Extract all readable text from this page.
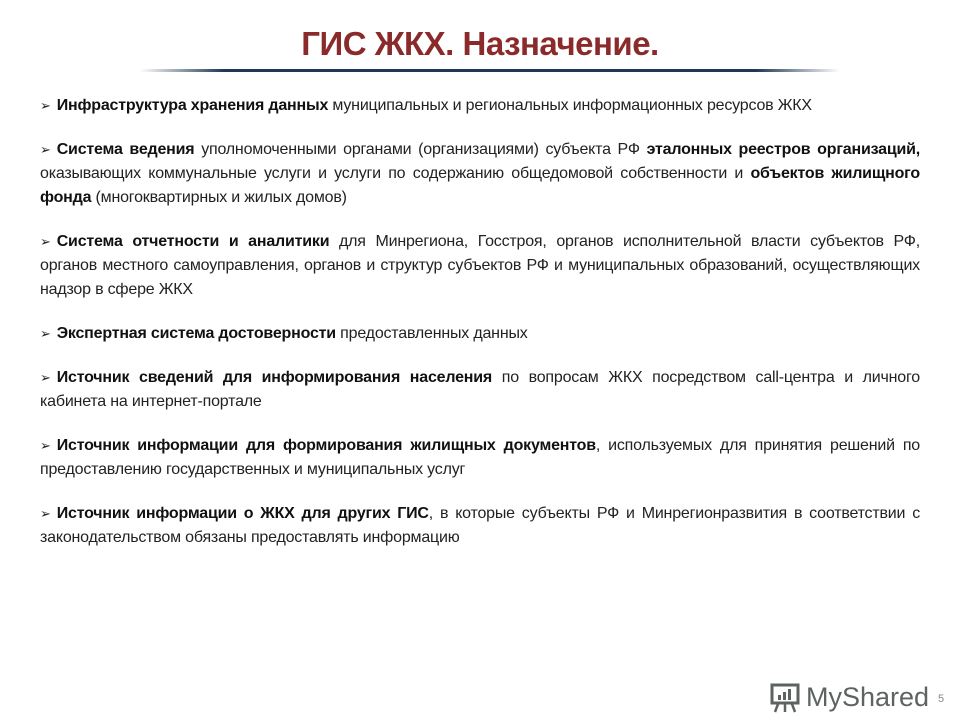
ГИС ЖКХ. Назначение.

➢ Инфраструктура хранения данных муниципальных и региональных информационных ресурсов ЖКХ

➢ Система ведения уполномоченными органами (организациями) субъекта РФ эталонных реестров организаций, оказывающих коммунальные услуги и услуги по содержанию общедомовой собственности и объектов жилищного фонда (многоквартирных и жилых домов)

➢ Система отчетности и аналитики для Минрегиона, Госстроя, органов исполнительной власти субъектов РФ, органов местного самоуправления, органов и структур субъектов РФ и муниципальных образований, осуществляющих надзор в сфере ЖКХ

➢ Экспертная система достоверности предоставленных данных

➢ Источник сведений для информирования населения по вопросам ЖКХ посредством call-центра и личного кабинета на интернет-портале

➢ Источник информации для формирования жилищных документов, используемых для принятия решений по предоставлению государственных и муниципальных услуг

➢ Источник информации о ЖКХ для других ГИС, в которые субъекты РФ и Минрегионразвития в соответствии с законодательством обязаны предоставлять информацию

MyShared 5
